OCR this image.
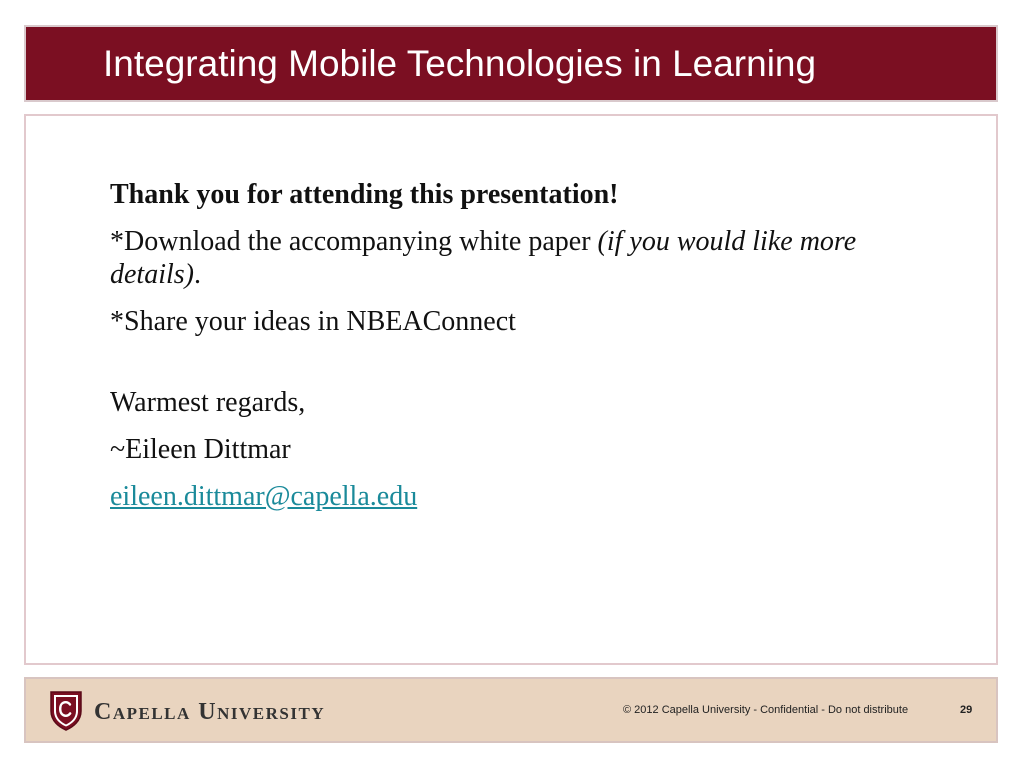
Integrating Mobile Technologies in Learning

Thank you for attending this presentation!

*Download the accompanying white paper (if you would like more details).

*Share your ideas in NBEAConnect

Warmest regards,

~Eileen Dittmar

eileen.dittmar@capella.edu

Capella University	© 2012 Capella University - Confidential - Do not distribute	29
